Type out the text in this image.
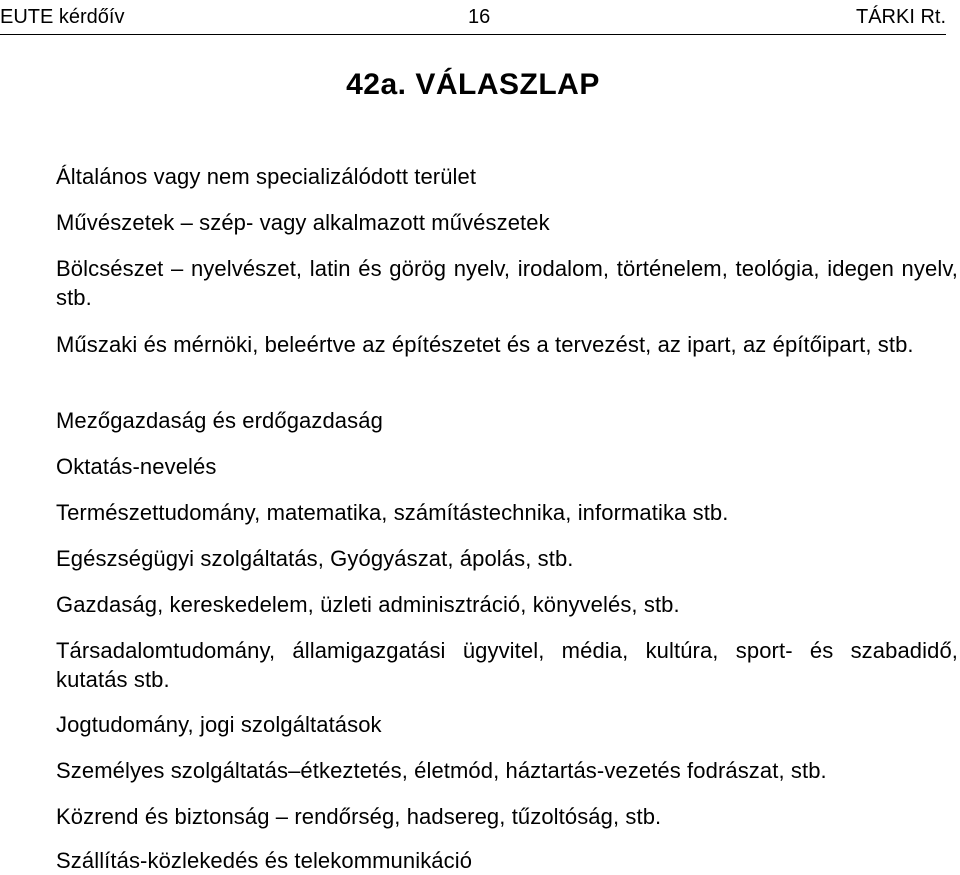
EUTE kérdőív	16	TÁRKI Rt.
42a. VÁLASZLAP
Általános vagy nem specializálódott terület
Művészetek – szép- vagy alkalmazott művészetek
Bölcsészet – nyelvészet, latin és görög nyelv, irodalom, történelem, teológia, idegen nyelv, stb.
Műszaki és mérnöki, beleértve az építészetet és a tervezést, az ipart, az építőipart, stb.
Mezőgazdaság és erdőgazdaság
Oktatás-nevelés
Természettudomány, matematika, számítástechnika, informatika stb.
Egészségügyi szolgáltatás, Gyógyászat, ápolás, stb.
Gazdaság, kereskedelem, üzleti adminisztráció, könyvelés, stb.
Társadalomtudomány, államigazgatási ügyvitel, média, kultúra, sport- és szabadidő, kutatás stb.
Jogtudomány, jogi szolgáltatások
Személyes szolgáltatás–étkeztetés, életmód, háztartás-vezetés fodrászat, stb.
Közrend és biztonság – rendőrség, hadsereg, tűzoltóság, stb.
Szállítás-közlekedés és telekommunikáció
